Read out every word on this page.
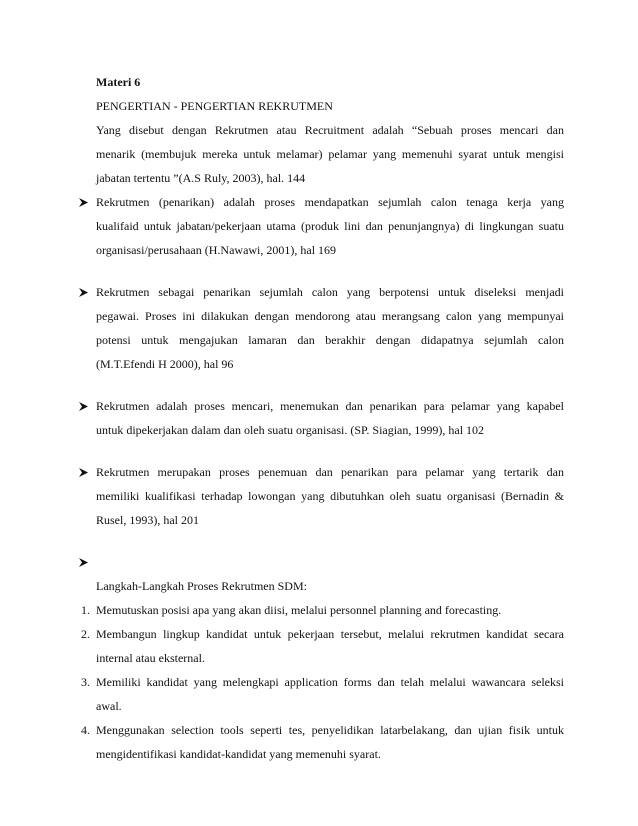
Materi 6
PENGERTIAN - PENGERTIAN REKRUTMEN
Yang disebut dengan Rekrutmen atau Recruitment adalah “Sebuah proses mencari dan
menarik (membujuk mereka untuk melamar) pelamar yang memenuhi syarat untuk mengisi
jabatan tertentu ”(A.S Ruly, 2003), hal. 144
Rekrutmen (penarikan) adalah proses mendapatkan sejumlah calon tenaga kerja yang
kualifaid untuk jabatan/pekerjaan utama (produk lini dan penunjangnya) di lingkungan suatu
organisasi/perusahaan (H.Nawawi, 2001), hal 169
Rekrutmen sebagai penarikan sejumlah calon yang berpotensi untuk diseleksi menjadi
pegawai. Proses ini dilakukan dengan mendorong atau merangsang calon yang mempunyai
potensi untuk mengajukan lamaran dan berakhir dengan didapatnya sejumlah calon
(M.T.Efendi H 2000), hal 96
Rekrutmen adalah proses mencari, menemukan dan penarikan para pelamar yang kapabel
untuk dipekerjakan dalam dan oleh suatu organisasi. (SP. Siagian, 1999), hal 102
Rekrutmen merupakan proses penemuan dan penarikan para pelamar yang tertarik dan
memiliki kualifikasi terhadap lowongan yang dibutuhkan oleh suatu organisasi (Bernadin &
Rusel, 1993), hal 201

Langkah-Langkah Proses Rekrutmen SDM:
1. Memutuskan posisi apa yang akan diisi, melalui personnel planning and forecasting.
2. Membangun lingkup kandidat untuk pekerjaan tersebut, melalui rekrutmen kandidat secara
internal atau eksternal.
3. Memiliki kandidat yang melengkapi application forms dan telah melalui wawancara seleksi
awal.
4. Menggunakan selection tools seperti tes, penyelidikan latarbelakang, dan ujian fisik untuk
mengidentifikasi kandidat-kandidat yang memenuhi syarat.
